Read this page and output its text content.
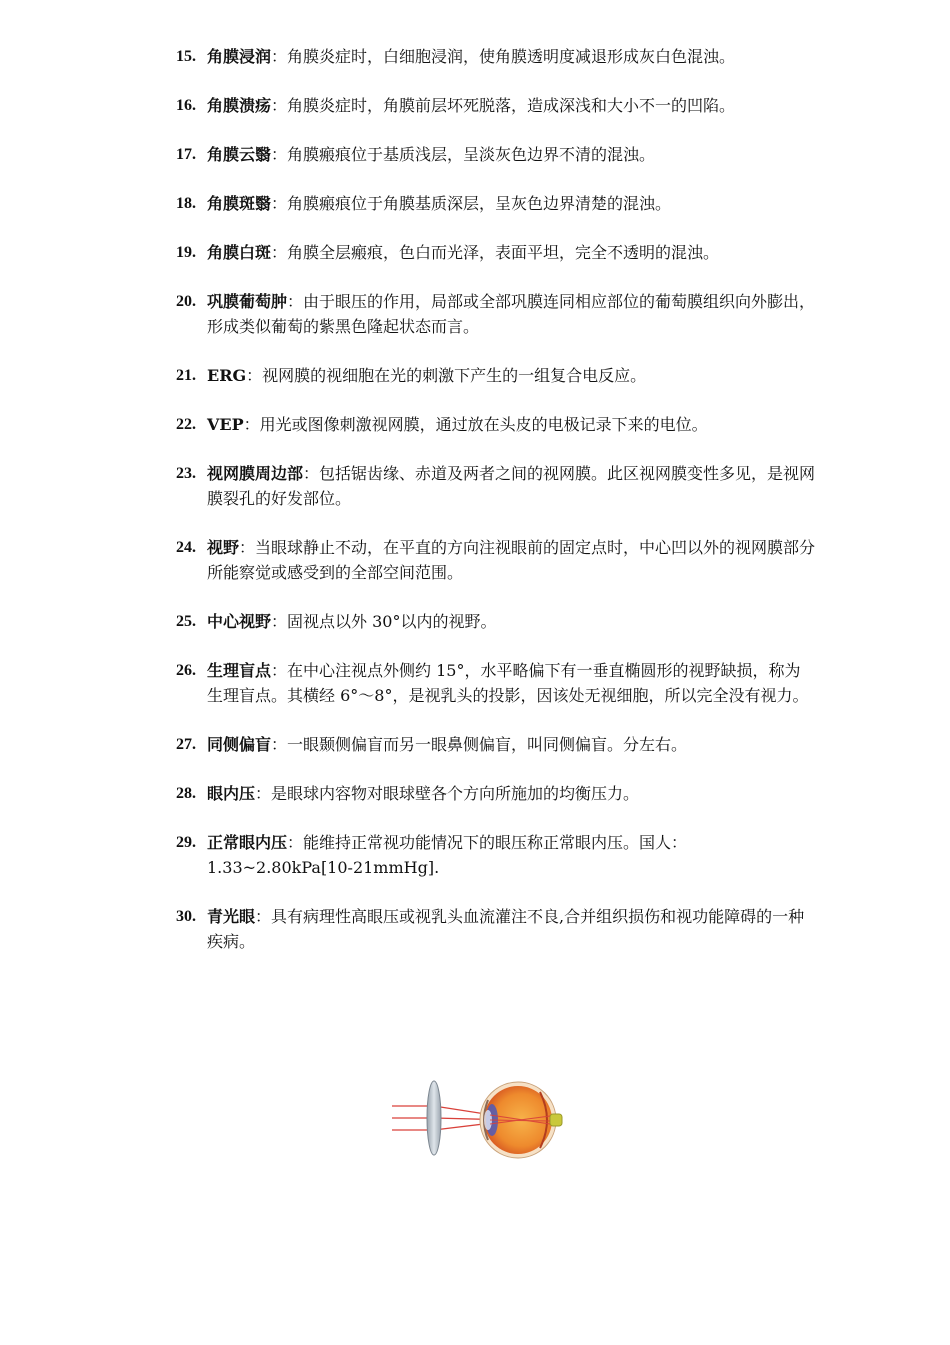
15. 角膜浸润：角膜炎症时，白细胞浸润，使角膜透明度减退形成灰白色混浊。
16. 角膜溃疡：角膜炎症时，角膜前层坏死脱落，造成深浅和大小不一的凹陷。
17. 角膜云翳：角膜瘢痕位于基质浅层，呈淡灰色边界不清的混浊。
18. 角膜斑翳：角膜瘢痕位于角膜基质深层，呈灰色边界清楚的混浊。
19. 角膜白斑：角膜全层瘢痕，色白而光泽，表面平坦，完全不透明的混浊。
20. 巩膜葡萄肿：由于眼压的作用，局部或全部巩膜连同相应部位的葡萄膜组织向外膨出，形成类似葡萄的紫黑色隆起状态而言。
21. ERG：视网膜的视细胞在光的刺激下产生的一组复合电反应。
22. VEP：用光或图像刺激视网膜，通过放在头皮的电极记录下来的电位。
23. 视网膜周边部：包括锯齿缘、赤道及两者之间的视网膜。此区视网膜变性多见，是视网膜裂孔的好发部位。
24. 视野：当眼球静止不动，在平直的方向注视眼前的固定点时，中心凹以外的视网膜部分所能察觉或感受到的全部空间范围。
25. 中心视野：固视点以外 30°以内的视野。
26. 生理盲点：在中心注视点外侧约 15°，水平略偏下有一垂直椭圆形的视野缺损，称为生理盲点。其横经 6°～8°，是视乳头的投影，因该处无视细胞，所以完全没有视力。
27. 同侧偏盲：一眼颞侧偏盲而另一眼鼻侧偏盲，叫同侧偏盲。分左右。
28. 眼内压：是眼球内容物对眼球壁各个方向所施加的均衡压力。
29. 正常眼内压：能维持正常视功能情况下的眼压称正常眼内压。国人：1.33~2.80kPa[10-21mmHg].
30. 青光眼：具有病理性高眼压或视乳头血流灌注不良,合并组织损伤和视功能障碍的一种疾病。
